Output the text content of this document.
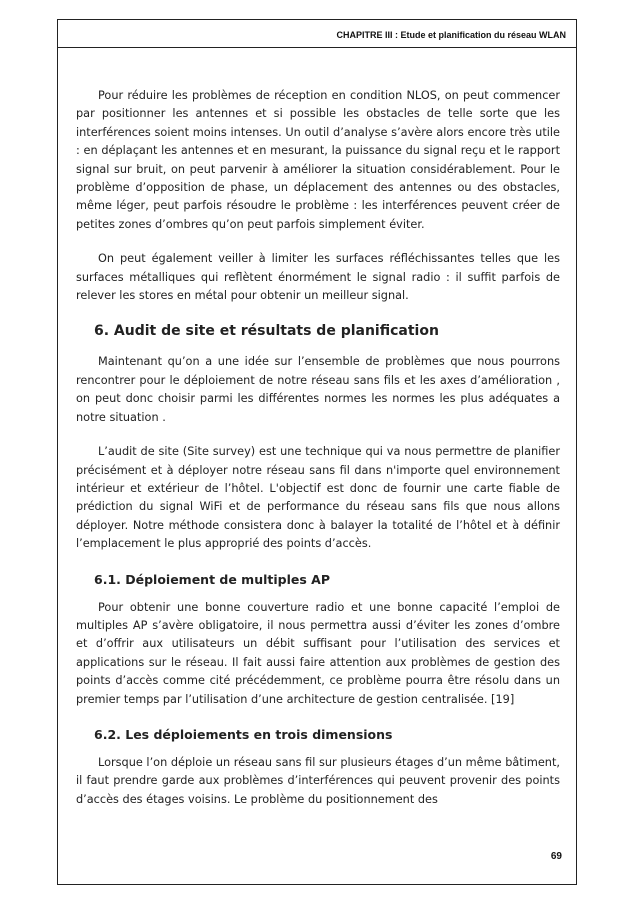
CHAPITRE III : Etude et planification du réseau WLAN

Pour réduire les problèmes de réception en condition NLOS, on peut commencer par positionner les antennes et si possible les obstacles de telle sorte que les interférences soient moins intenses. Un outil d’analyse s’avère alors encore très utile : en déplaçant les antennes et en mesurant, la puissance du signal reçu et le rapport signal sur bruit, on peut parvenir à améliorer la situation considérablement. Pour le problème d’opposition de phase, un déplacement des antennes ou des obstacles, même léger, peut parfois résoudre le problème : les interférences peuvent créer de petites zones d’ombres qu’on peut parfois simplement éviter.

On peut également veiller à limiter les surfaces réfléchissantes telles que les surfaces métalliques qui reflètent énormément le signal radio : il suffit parfois de relever les stores en métal pour obtenir un meilleur signal.

6. Audit de site et résultats de planification

Maintenant qu’on a une idée sur l’ensemble de problèmes que nous pourrons rencontrer pour le déploiement de notre réseau sans fils et les axes d’amélioration , on peut donc choisir parmi les différentes normes les normes les plus adéquates a notre situation .

L’audit de site (Site survey) est une technique qui va nous permettre de planifier précisément et à déployer notre réseau sans fil dans n'importe quel environnement intérieur et extérieur de l’hôtel. L'objectif est donc de fournir une carte fiable de prédiction du signal WiFi et de performance du réseau sans fils que nous allons déployer. Notre méthode consistera donc à balayer la totalité de l’hôtel et à définir l’emplacement le plus approprié des points d’accès.

6.1. Déploiement de multiples AP

Pour obtenir une bonne couverture radio et une bonne capacité l’emploi de multiples AP s’avère obligatoire, il nous permettra aussi d’éviter les zones d’ombre et d’offrir aux utilisateurs un débit suffisant pour l’utilisation des services et applications sur le réseau. Il fait aussi faire attention aux problèmes de gestion des points d’accès comme cité précédemment, ce problème pourra être résolu dans un premier temps par l’utilisation d’une architecture de gestion centralisée. [19]

6.2. Les déploiements en trois dimensions

Lorsque l’on déploie un réseau sans fil sur plusieurs étages d’un même bâtiment, il faut prendre garde aux problèmes d’interférences qui peuvent provenir des points d’accès des étages voisins. Le problème du positionnement des

69
